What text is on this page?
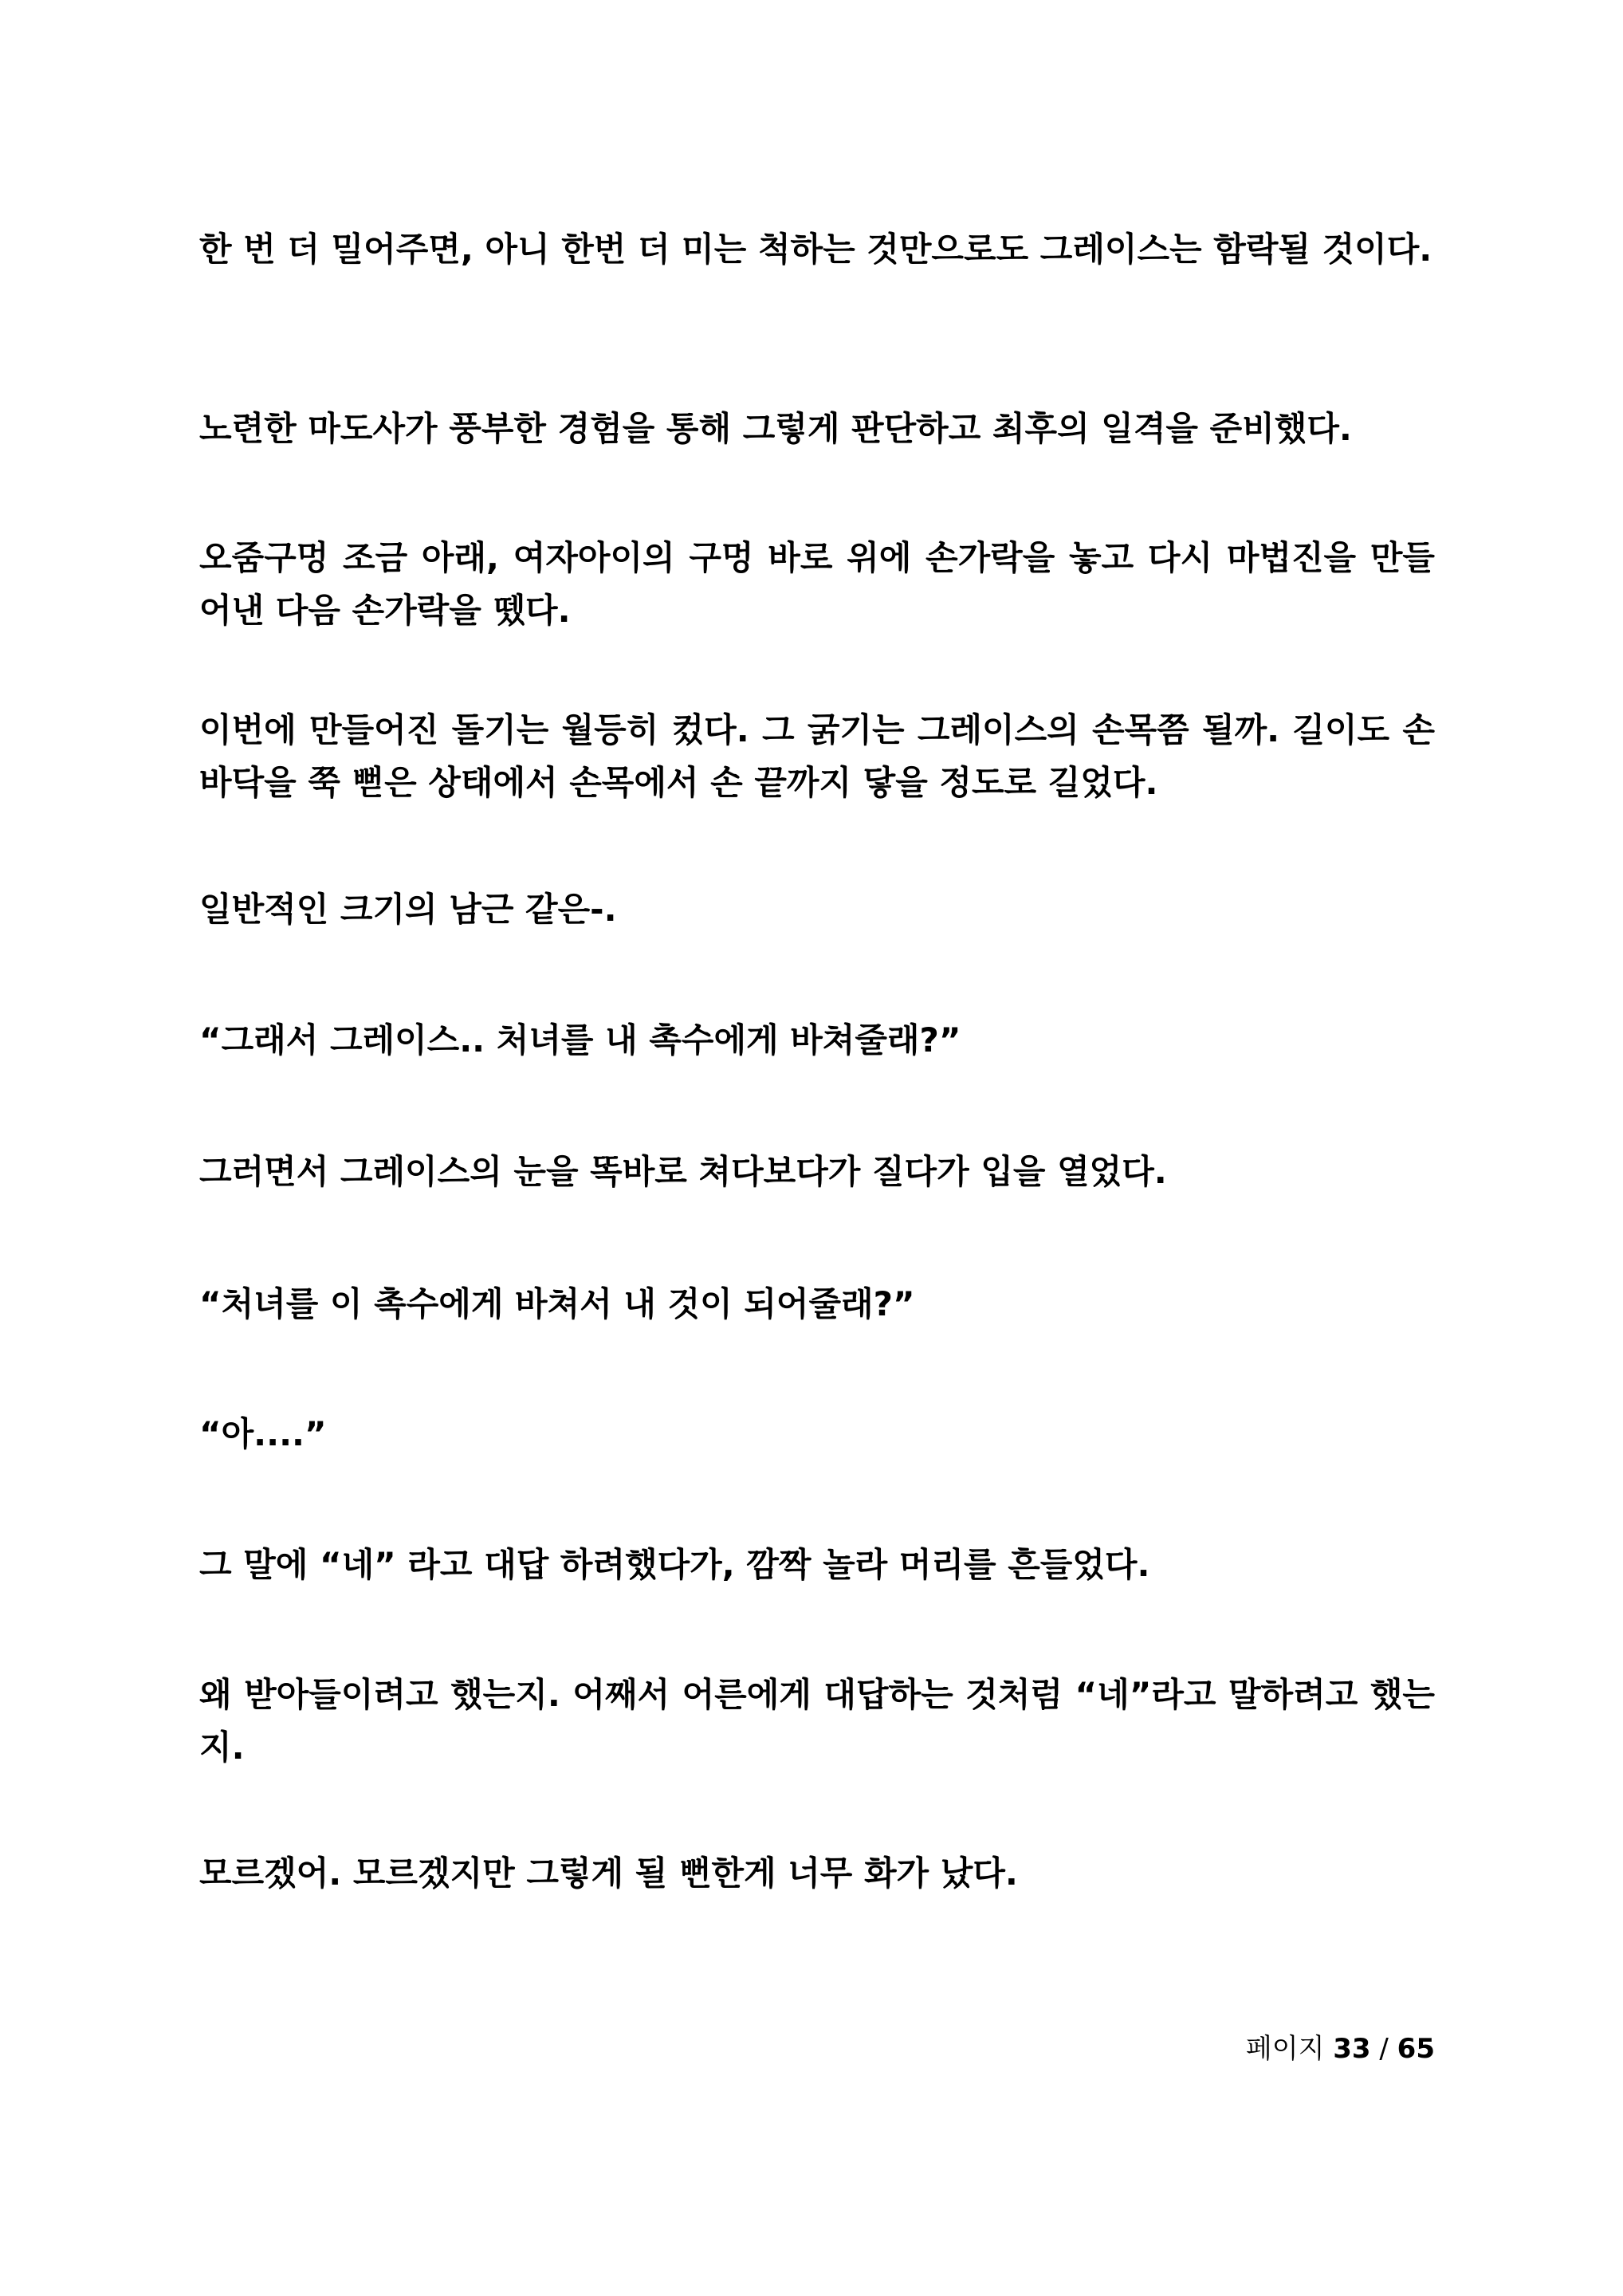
한 번 더 밀어주면, 아니 한번 더 미는 척하는 것만으로도 그레이스는 함락될 것이다.

노련한 마도사가 풍부한 경험을 통해 그렇게 판단하고 최후의 일격을 준비했다.

오줌구멍 조금 아래, 여자아이의 구멍 바로 위에 손가락을 놓고 다시 마법진을 만들어낸 다음 손가락을 뗐다.

이번에 만들어진 돌기는 월등히 컸다. 그 굵기는 그레이스의 손목쯤 될까. 길이도 손바닥을 쭉 뻗은 상태에서 손목에서 손 끝까지 닿을 정도로 길었다.

일반적인 크기의 남근 같은-.

“그래서 그레이스.. 처녀를 내 촉수에게 바쳐줄래?”

그러면서 그레이스의 눈을 똑바로 쳐다보다가 질다가 입을 열었다.

“처녀를 이 촉수에게 바쳐서 내 것이 되어줄래?”

“아....”

그 말에 “네” 라고 대답 하려했다가, 깜짝 놀라 머리를 흔들었다.

왜 받아들이려고 했는지. 어째서 어른에게 대답하는 것처럼 “네”라고 말하려고 했는지.

모르겠어. 모르겠지만 그렇게 될 뻔한게 너무 화가 났다.

페이지 33 / 65
